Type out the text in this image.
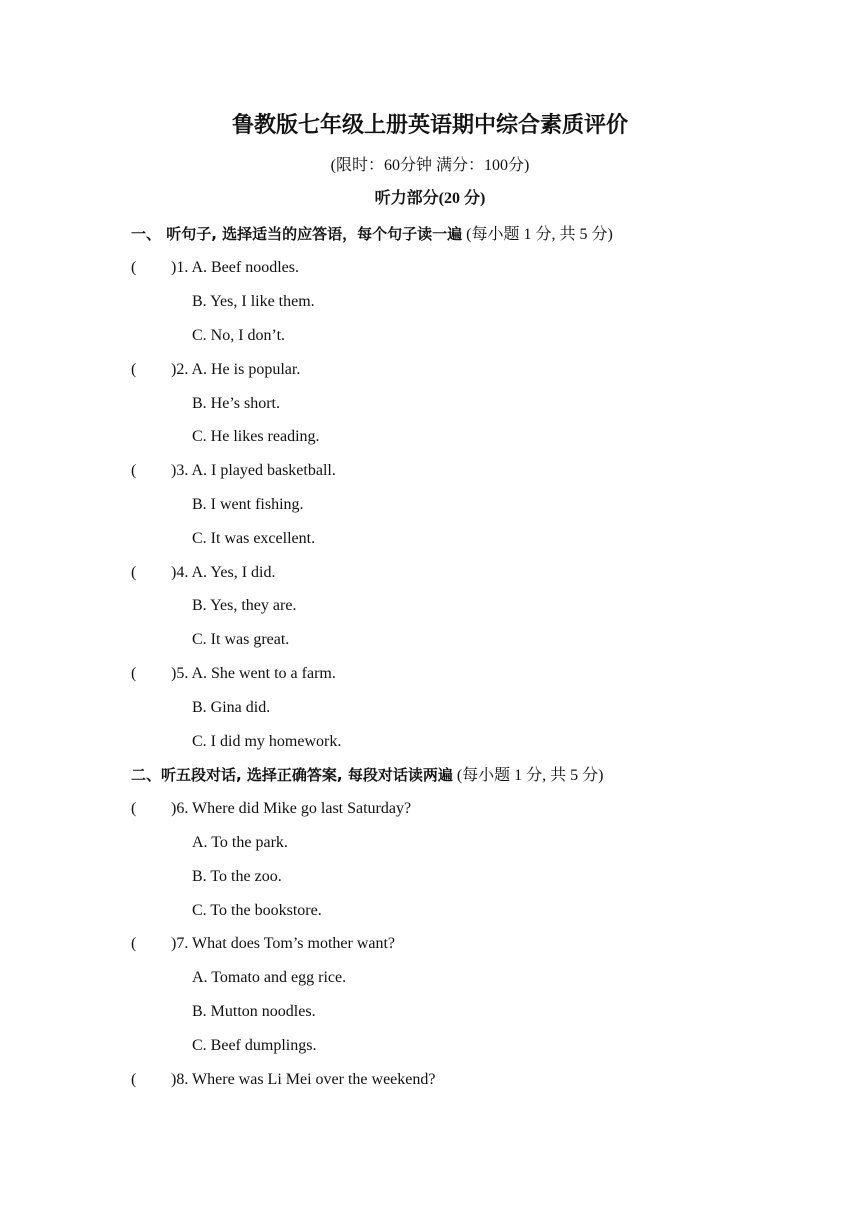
鲁教版七年级上册英语期中综合素质评价
(限时：60分钟 满分：100分)
听力部分(20 分)
一、 听句子, 选择适当的应答语，每个句子读一遍 (每小题 1 分, 共 5 分)
( )1. A. Beef noodles.
B. Yes, I like them.
C. No, I don’t.
( )2. A. He is popular.
B. He’s short.
C. He likes reading.
( )3. A. I played basketball.
B. I went fishing.
C. It was excellent.
( )4. A. Yes, I did.
B. Yes, they are.
C. It was great.
( )5. A. She went to a farm.
B. Gina did.
C. I did my homework.
二、听五段对话, 选择正确答案, 每段对话读两遍 (每小题 1 分, 共 5 分)
( )6. Where did Mike go last Saturday?
A. To the park.
B. To the zoo.
C. To the bookstore.
( )7. What does Tom’s mother want?
A. Tomato and egg rice.
B. Mutton noodles.
C. Beef dumplings.
( )8. Where was Li Mei over the weekend?
